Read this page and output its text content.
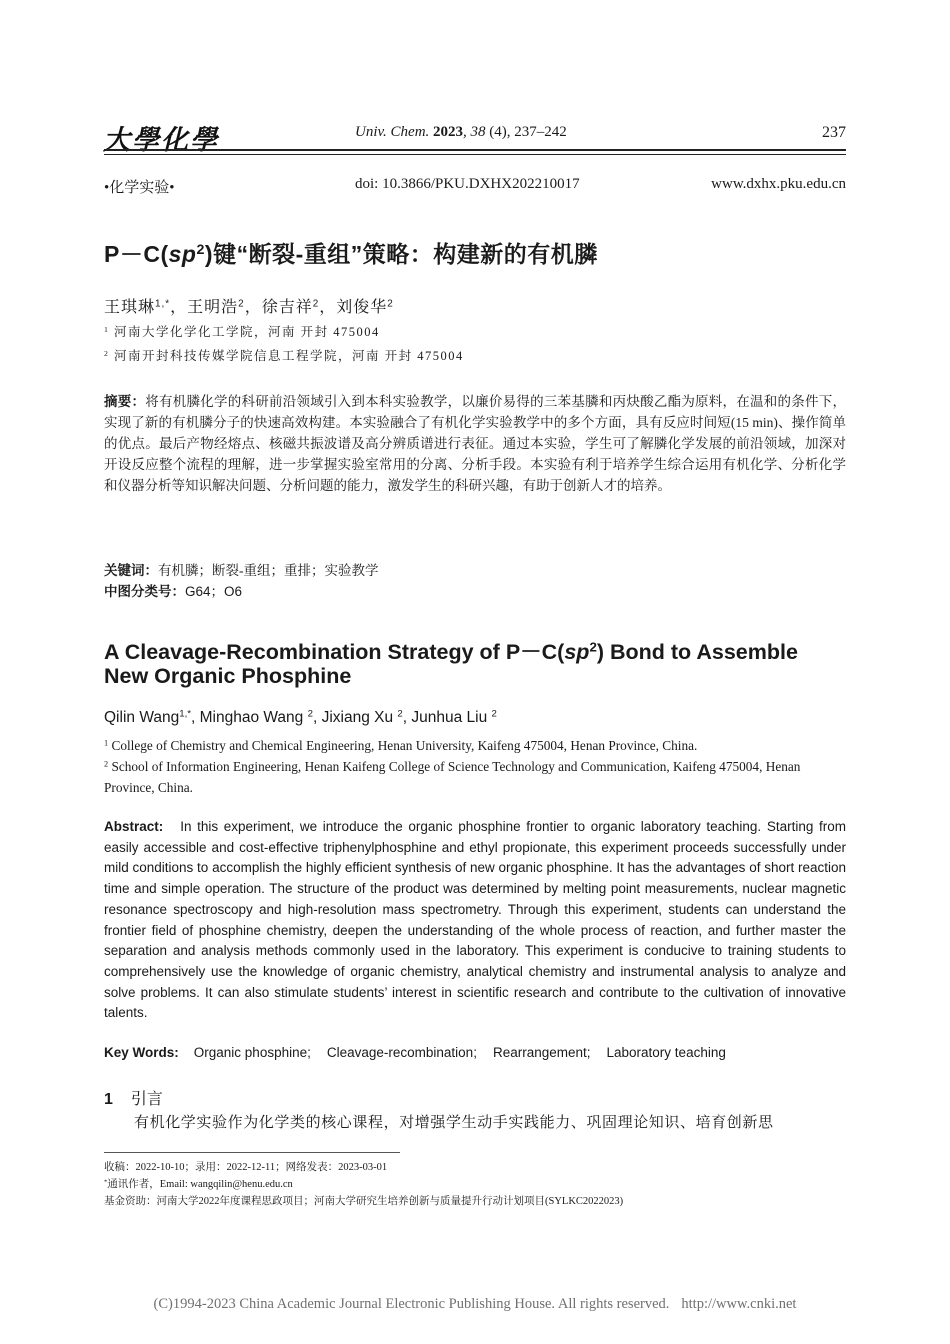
大學化學	Univ. Chem. 2023, 38 (4), 237–242	237
•化学实验•	doi: 10.3866/PKU.DXHX202210017	www.dxhx.pku.edu.cn
$P-C(sp^2)$键“断裂-重组”策略：构建新的有机膦
王琪琳$^{1,*}$，王明浩$^2$，徐吉祥$^2$，刘俊华$^2$
$^1$ 河南大学化学化工学院，河南 开封 475004
$^2$ 河南开封科技传媒学院信息工程学院，河南 开封 475004
摘要：将有机膦化学的科研前沿领域引入到本科实验教学，以廉价易得的三苯基膦和丙炔酸乙酯为原料，在温和的条件下，实现了新的有机膦分子的快速高效构建。本实验融合了有机化学实验教学中的多个方面，具有反应时间短(15 min)、操作简单的优点。最后产物经熔点、核磁共振波谱及高分辨质谱进行表征。通过本实验，学生可了解膦化学发展的前沿领域，加深对开设反应整个流程的理解，进一步掌握实验室常用的分离、分析手段。本实验有利于培养学生综合运用有机化学、分析化学和仪器分析等知识解决问题、分析问题的能力，激发学生的科研兴趣，有助于创新人才的培养。
关键词：有机膦；断裂-重组；重排；实验教学
中图分类号：G64；O6
A Cleavage-Recombination Strategy of $P-C(sp^2)$ Bond to Assemble New Organic Phosphine
Qilin Wang$^{1,*}$, Minghao Wang $^2$, Jixiang Xu $^2$, Junhua Liu $^2$
$^1$ College of Chemistry and Chemical Engineering, Henan University, Kaifeng 475004, Henan Province, China.
$^2$ School of Information Engineering, Henan Kaifeng College of Science Technology and Communication, Kaifeng 475004, Henan Province, China.
Abstract: In this experiment, we introduce the organic phosphine frontier to organic laboratory teaching. Starting from easily accessible and cost-effective triphenylphosphine and ethyl propionate, this experiment proceeds successfully under mild conditions to accomplish the highly efficient synthesis of new organic phosphine. It has the advantages of short reaction time and simple operation. The structure of the product was determined by melting point measurements, nuclear magnetic resonance spectroscopy and high-resolution mass spectrometry. Through this experiment, students can understand the frontier field of phosphine chemistry, deepen the understanding of the whole process of reaction, and further master the separation and analysis methods commonly used in the laboratory. This experiment is conducive to training students to comprehensively use the knowledge of organic chemistry, analytical chemistry and instrumental analysis to analyze and solve problems. It can also stimulate students’ interest in scientific research and contribute to the cultivation of innovative talents.
Key Words: Organic phosphine; Cleavage-recombination; Rearrangement; Laboratory teaching
1 引言
有机化学实验作为化学类的核心课程，对增强学生动手实践能力、巩固理论知识、培育创新思
收稿：2022-10-10；录用：2022-12-11；网络发表：2023-03-01
*通讯作者，Email: wangqilin@henu.edu.cn
基金资助：河南大学2022年度课程思政项目；河南大学研究生培养创新与质量提升行动计划项目(SYLKC2022023)
(C)1994-2023 China Academic Journal Electronic Publishing House. All rights reserved. http://www.cnki.net
